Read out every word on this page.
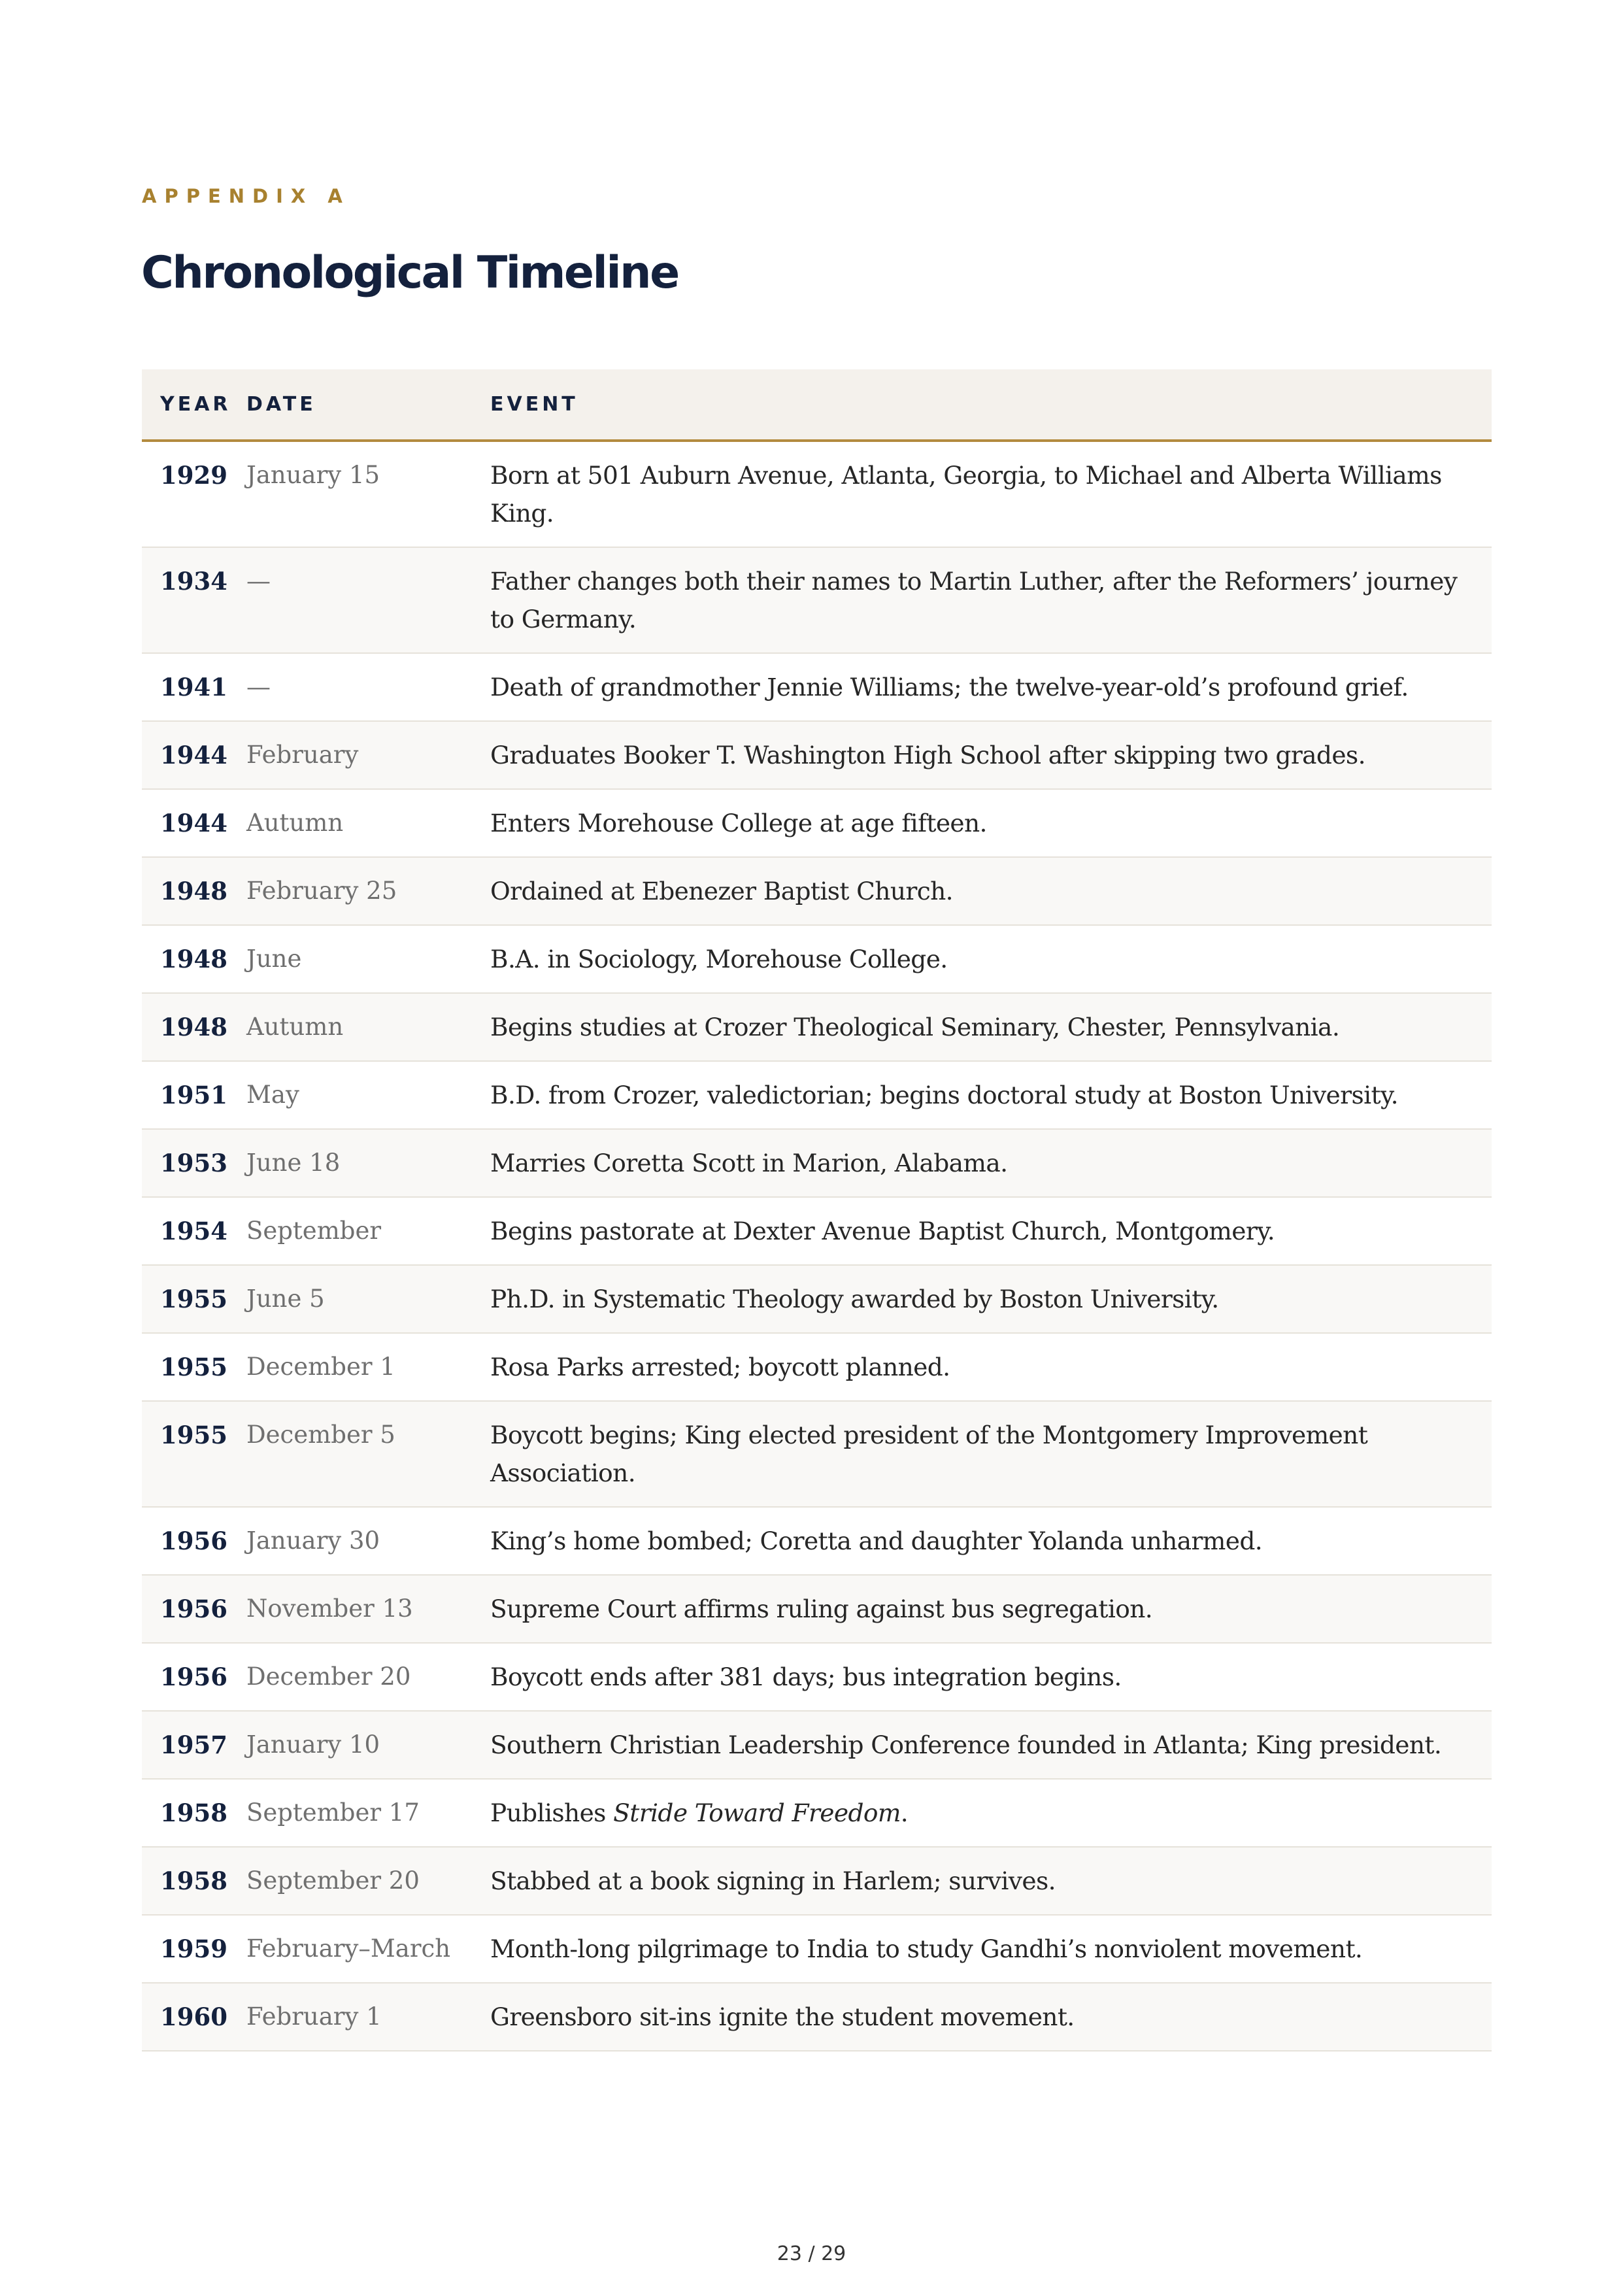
APPENDIX A
Chronological Timeline
YEAR	DATE	EVENT
1929	January 15	Born at 501 Auburn Avenue, Atlanta, Georgia, to Michael and Alberta Williams King.
1934	—	Father changes both their names to Martin Luther, after the Reformers’ journey to Germany.
1941	—	Death of grandmother Jennie Williams; the twelve-year-old’s profound grief.
1944	February	Graduates Booker T. Washington High School after skipping two grades.
1944	Autumn	Enters Morehouse College at age fifteen.
1948	February 25	Ordained at Ebenezer Baptist Church.
1948	June	B.A. in Sociology, Morehouse College.
1948	Autumn	Begins studies at Crozer Theological Seminary, Chester, Pennsylvania.
1951	May	B.D. from Crozer, valedictorian; begins doctoral study at Boston University.
1953	June 18	Marries Coretta Scott in Marion, Alabama.
1954	September	Begins pastorate at Dexter Avenue Baptist Church, Montgomery.
1955	June 5	Ph.D. in Systematic Theology awarded by Boston University.
1955	December 1	Rosa Parks arrested; boycott planned.
1955	December 5	Boycott begins; King elected president of the Montgomery Improvement Association.
1956	January 30	King’s home bombed; Coretta and daughter Yolanda unharmed.
1956	November 13	Supreme Court affirms ruling against bus segregation.
1956	December 20	Boycott ends after 381 days; bus integration begins.
1957	January 10	Southern Christian Leadership Conference founded in Atlanta; King president.
1958	September 17	Publishes Stride Toward Freedom.
1958	September 20	Stabbed at a book signing in Harlem; survives.
1959	February–March	Month-long pilgrimage to India to study Gandhi’s nonviolent movement.
1960	February 1	Greensboro sit-ins ignite the student movement.
23 / 29
